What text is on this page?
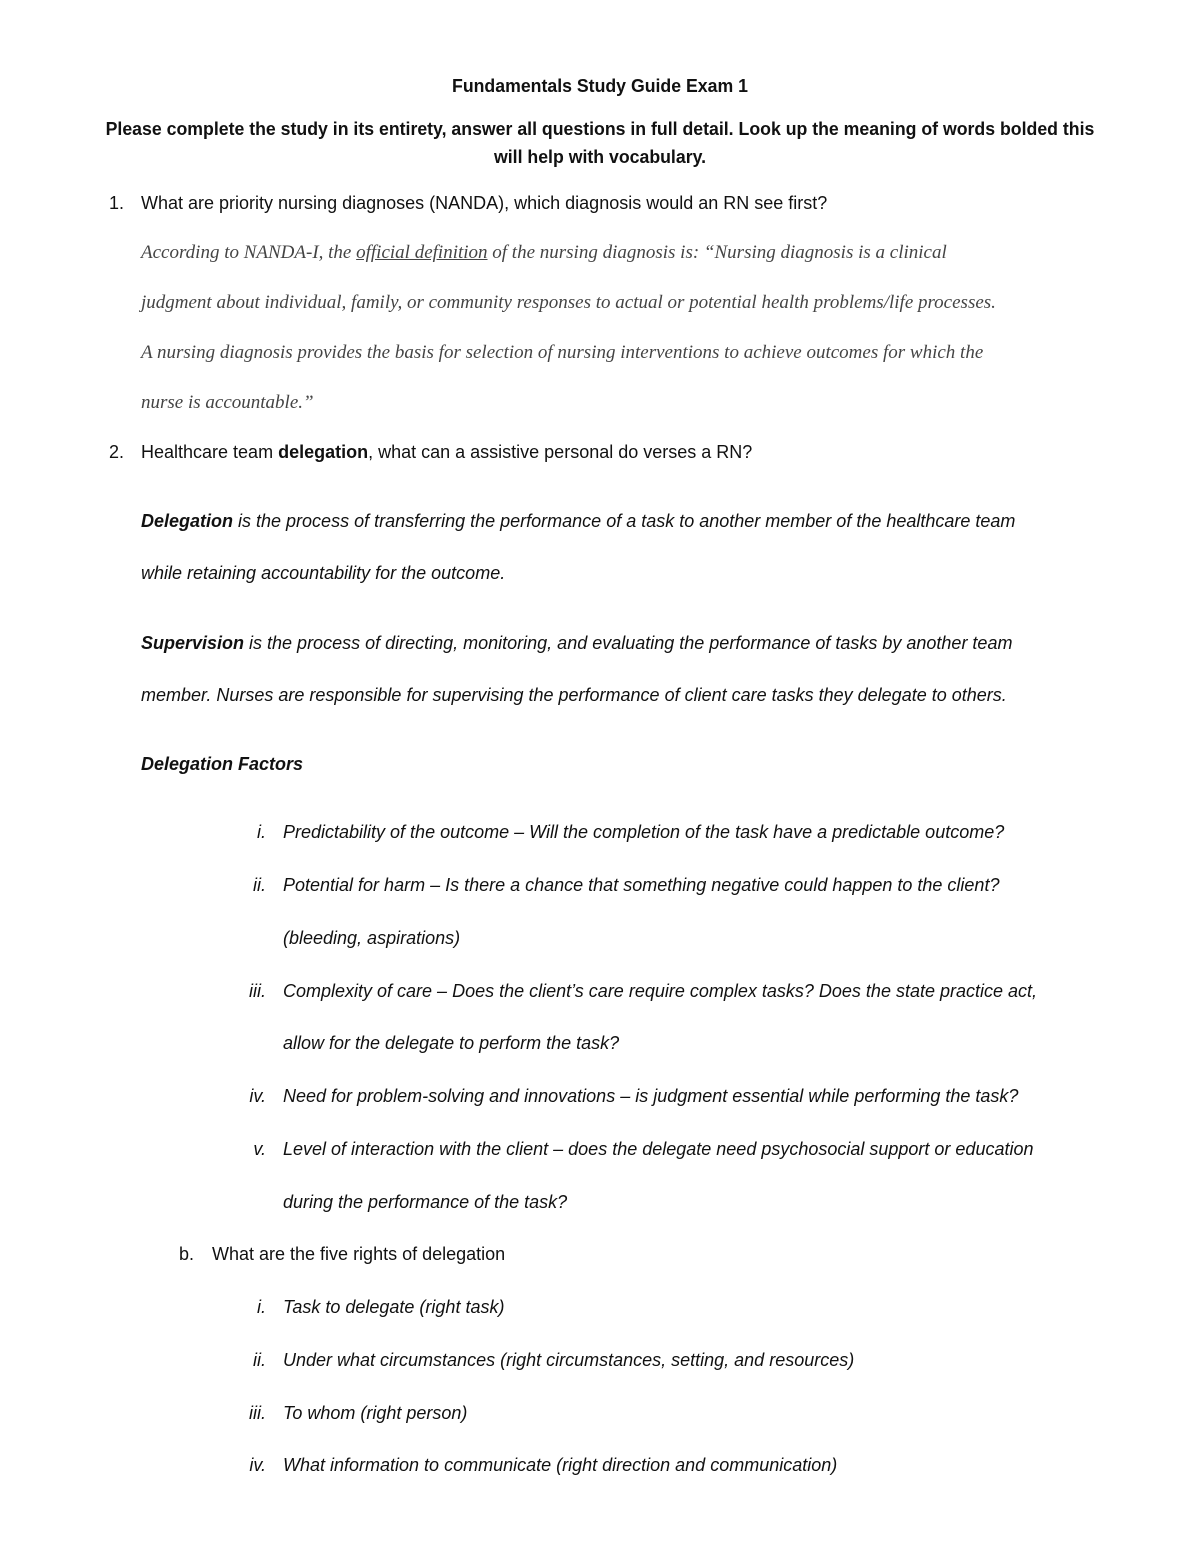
Fundamentals Study Guide Exam 1
Please complete the study in its entirety, answer all questions in full detail. Look up the meaning of words bolded this
will help with vocabulary.
1. What are priority nursing diagnoses (NANDA), which diagnosis would an RN see first?
According to NANDA-I, the official definition of the nursing diagnosis is: “Nursing diagnosis is a clinical
judgment about individual, family, or community responses to actual or potential health problems/life processes.
A nursing diagnosis provides the basis for selection of nursing interventions to achieve outcomes for which the
nurse is accountable.”
2. Healthcare team delegation, what can a assistive personal do verses a RN?
Delegation is the process of transferring the performance of a task to another member of the healthcare team
while retaining accountability for the outcome.
Supervision is the process of directing, monitoring, and evaluating the performance of tasks by another team
member. Nurses are responsible for supervising the performance of client care tasks they delegate to others.
Delegation Factors
i. Predictability of the outcome – Will the completion of the task have a predictable outcome?
ii. Potential for harm – Is there a chance that something negative could happen to the client?
(bleeding, aspirations)
iii. Complexity of care – Does the client’s care require complex tasks? Does the state practice act,
allow for the delegate to perform the task?
iv. Need for problem-solving and innovations – is judgment essential while performing the task?
v. Level of interaction with the client – does the delegate need psychosocial support or education
during the performance of the task?
b. What are the five rights of delegation
i. Task to delegate (right task)
ii. Under what circumstances (right circumstances, setting, and resources)
iii. To whom (right person)
iv. What information to communicate (right direction and communication)
